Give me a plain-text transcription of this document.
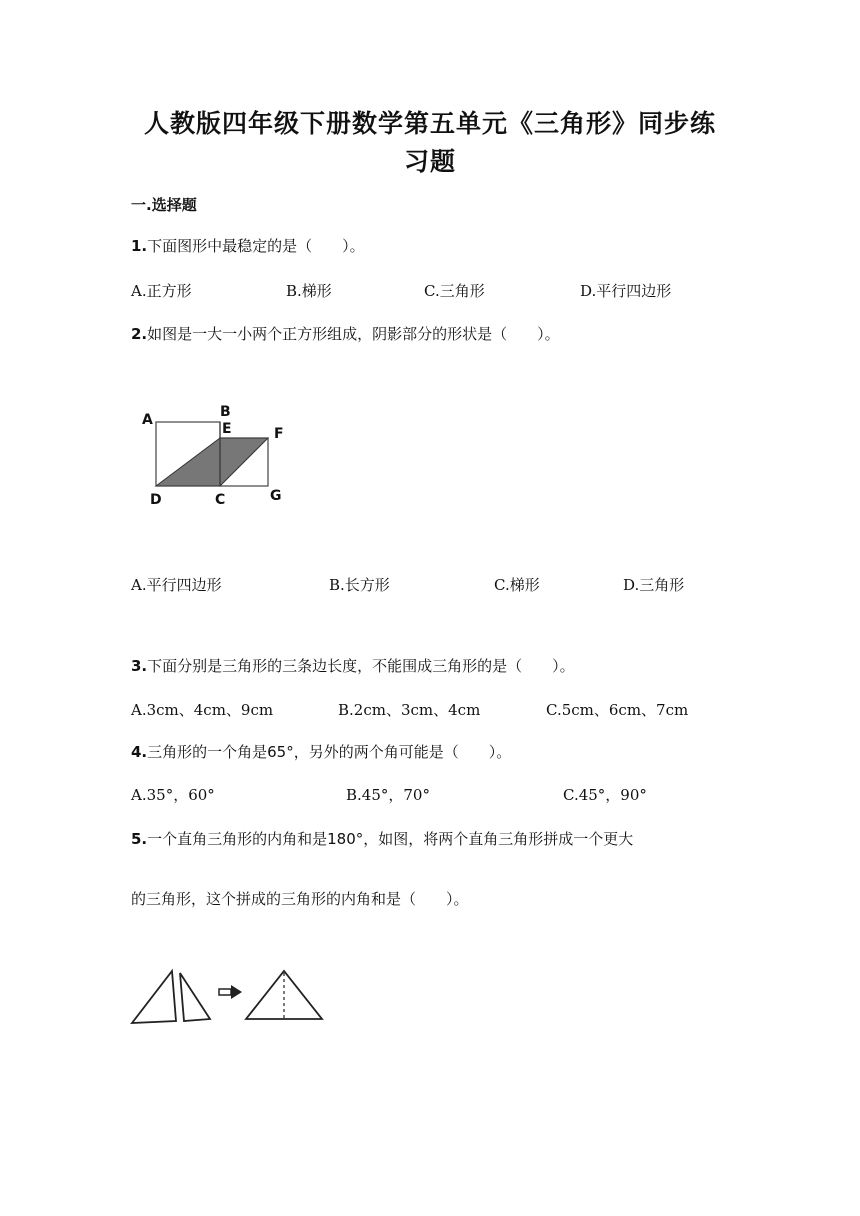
人教版四年级下册数学第五单元《三角形》同步练
习题
一.选择题
1.下面图形中最稳定的是（　　）。
A.正方形	B.梯形	C.三角形	D.平行四边形
2.如图是一大一小两个正方形组成，阴影部分的形状是（　　）。
A	B
E	F
D	C	G
A.平行四边形	B.长方形	C.梯形	D.三角形
3.下面分别是三角形的三条边长度，不能围成三角形的是（　　）。
A.3cm、4cm、9cm	B.2cm、3cm、4cm	C.5cm、6cm、7cm
4.三角形的一个角是65°，另外的两个角可能是（　　）。
A.35°，60°	B.45°，70°	C.45°，90°
5.一个直角三角形的内角和是180°，如图，将两个直角三角形拼成一个更大
的三角形，这个拼成的三角形的内角和是（　　）。
